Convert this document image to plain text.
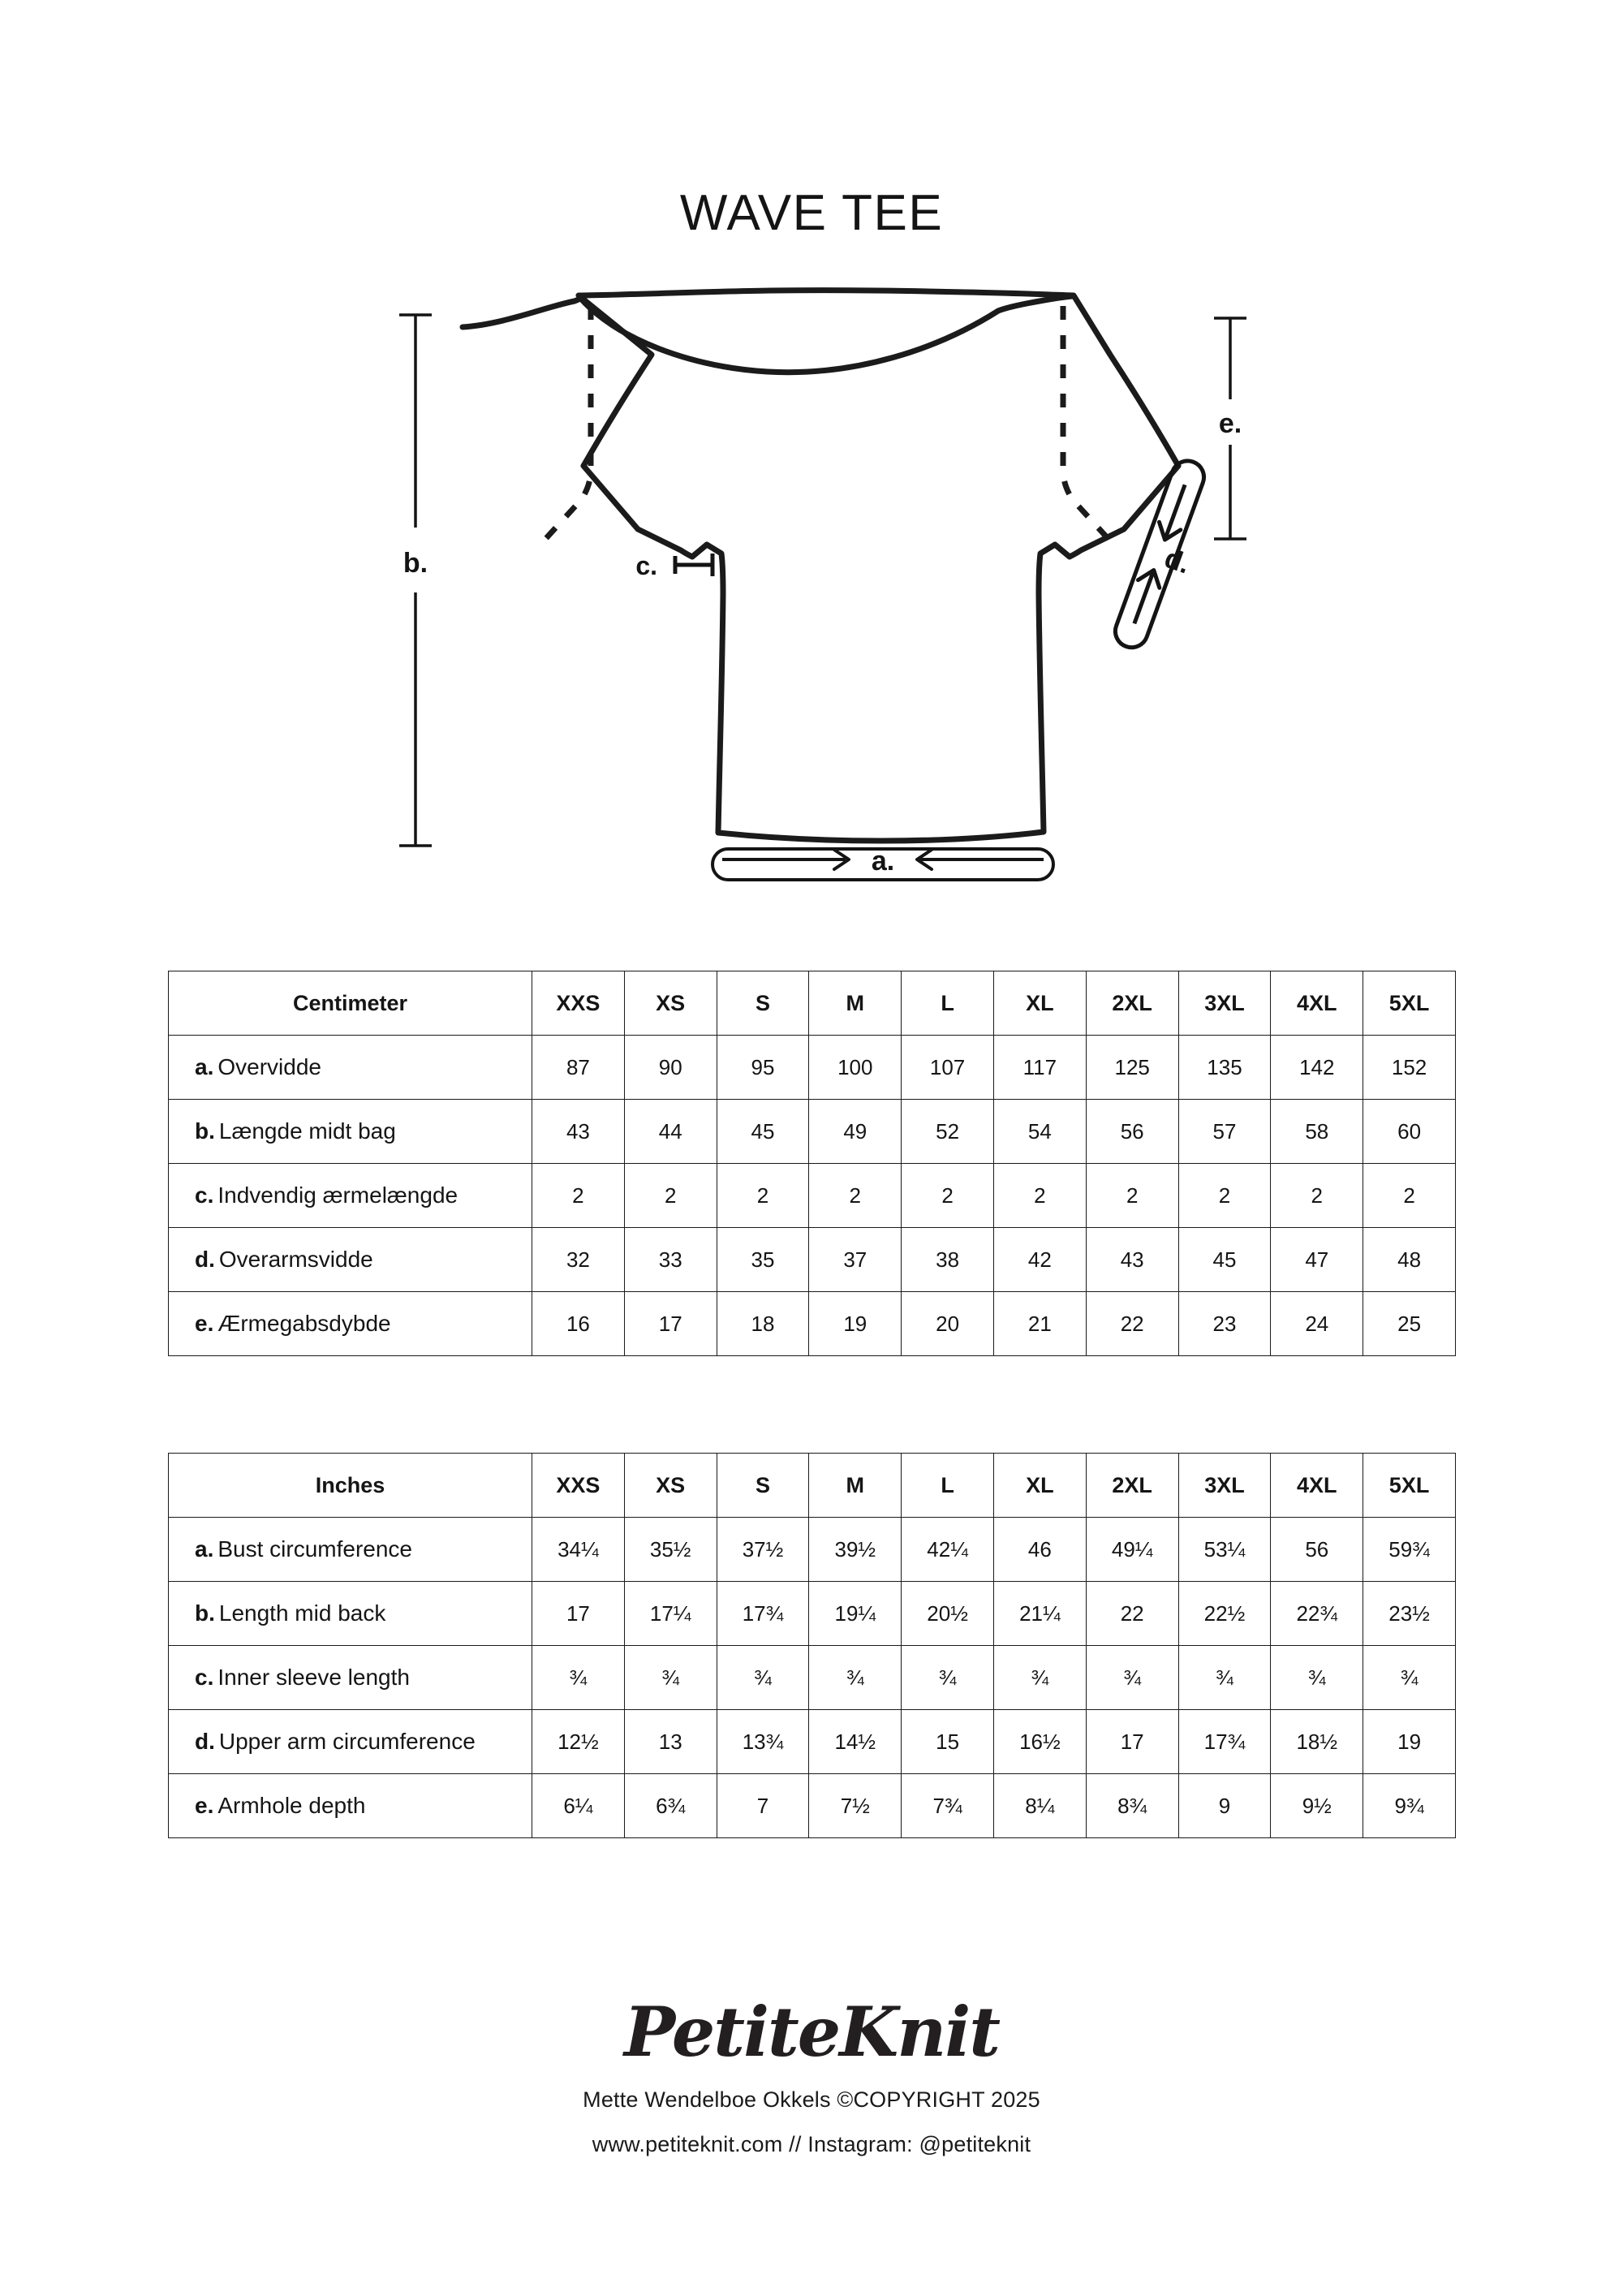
WAVE TEE
b.	c.	d.
e.
a.
Centimeter	XXS	XS	S	M	L	XL	2XL	3XL	4XL	5XL
a. Overvidde	87	90	95	100	107	117	125	135	142	152
b. Længde midt bag	43	44	45	49	52	54	56	57	58	60
c. Indvendig ærmelængde	2	2	2	2	2	2	2	2	2	2
d. Overarmsvidde	32	33	35	37	38	42	43	45	47	48
e. Ærmegabsdybde	16	17	18	19	20	21	22	23	24	25
Inches	XXS	XS	S	M	L	XL	2XL	3XL	4XL	5XL
a. Bust circumference	34¼	35½	37½	39½	42¼	46	49¼	53¼	56	59¾
b. Length mid back	17	17¼	17¾	19¼	20½	21¼	22	22½	22¾	23½
c. Inner sleeve length	¾	¾	¾	¾	¾	¾	¾	¾	¾	¾
d. Upper arm circumference	12½	13	13¾	14½	15	16½	17	17¾	18½	19
e. Armhole depth	6¼	6¾	7	7½	7¾	8¼	8¾	9	9½	9¾
PetiteKnit
Mette Wendelboe Okkels ©COPYRIGHT 2025
www.petiteknit.com // Instagram: @petiteknit
